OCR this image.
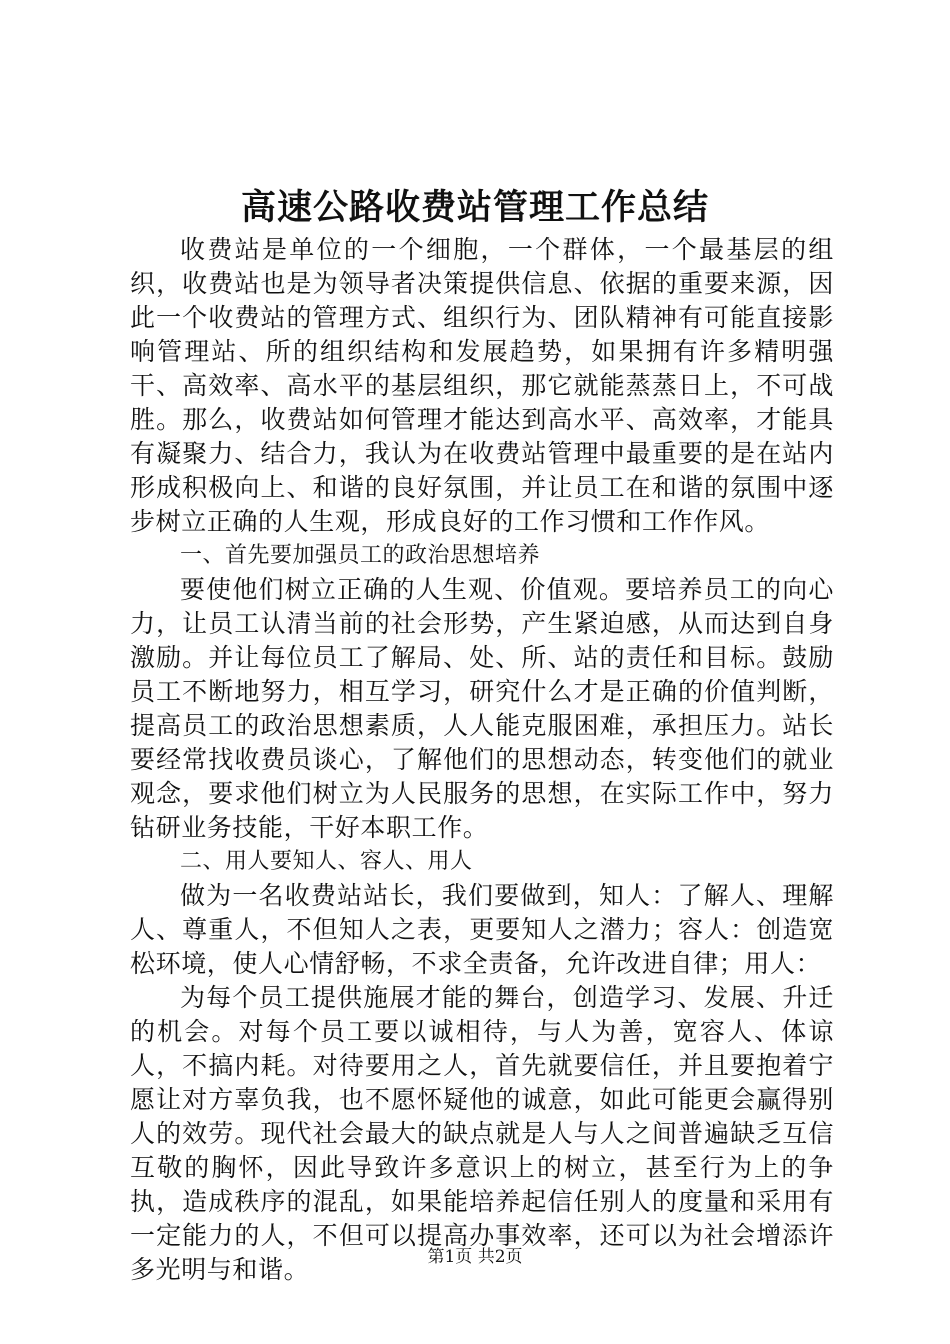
高速公路收费站管理工作总结

收费站是单位的一个细胞，一个群体，一个最基层的组织，收费站也是为领导者决策提供信息、依据的重要来源，因此一个收费站的管理方式、组织行为、团队精神有可能直接影响管理站、所的组织结构和发展趋势，如果拥有许多精明强干、高效率、高水平的基层组织，那它就能蒸蒸日上，不可战胜。那么，收费站如何管理才能达到高水平、高效率，才能具有凝聚力、结合力，我认为在收费站管理中最重要的是在站内形成积极向上、和谐的良好氛围，并让员工在和谐的氛围中逐步树立正确的人生观，形成良好的工作习惯和工作作风。

一、首先要加强员工的政治思想培养

要使他们树立正确的人生观、价值观。要培养员工的向心力，让员工认清当前的社会形势，产生紧迫感，从而达到自身激励。并让每位员工了解局、处、所、站的责任和目标。鼓励员工不断地努力，相互学习，研究什么才是正确的价值判断，提高员工的政治思想素质，人人能克服困难，承担压力。站长要经常找收费员谈心，了解他们的思想动态，转变他们的就业观念，要求他们树立为人民服务的思想，在实际工作中，努力钻研业务技能，干好本职工作。

二、用人要知人、容人、用人

做为一名收费站站长，我们要做到，知人：了解人、理解人、尊重人，不但知人之表，更要知人之潜力；容人：创造宽松环境，使人心情舒畅，不求全责备，允许改进自律；用人：

为每个员工提供施展才能的舞台，创造学习、发展、升迁的机会。对每个员工要以诚相待，与人为善，宽容人、体谅人，不搞内耗。对待要用之人，首先就要信任，并且要抱着宁愿让对方辜负我，也不愿怀疑他的诚意，如此可能更会赢得别人的效劳。现代社会最大的缺点就是人与人之间普遍缺乏互信互敬的胸怀，因此导致许多意识上的树立，甚至行为上的争执，造成秩序的混乱，如果能培养起信任别人的度量和采用有一定能力的人，不但可以提高办事效率，还可以为社会增添许多光明与和谐。	第1页 共2页
